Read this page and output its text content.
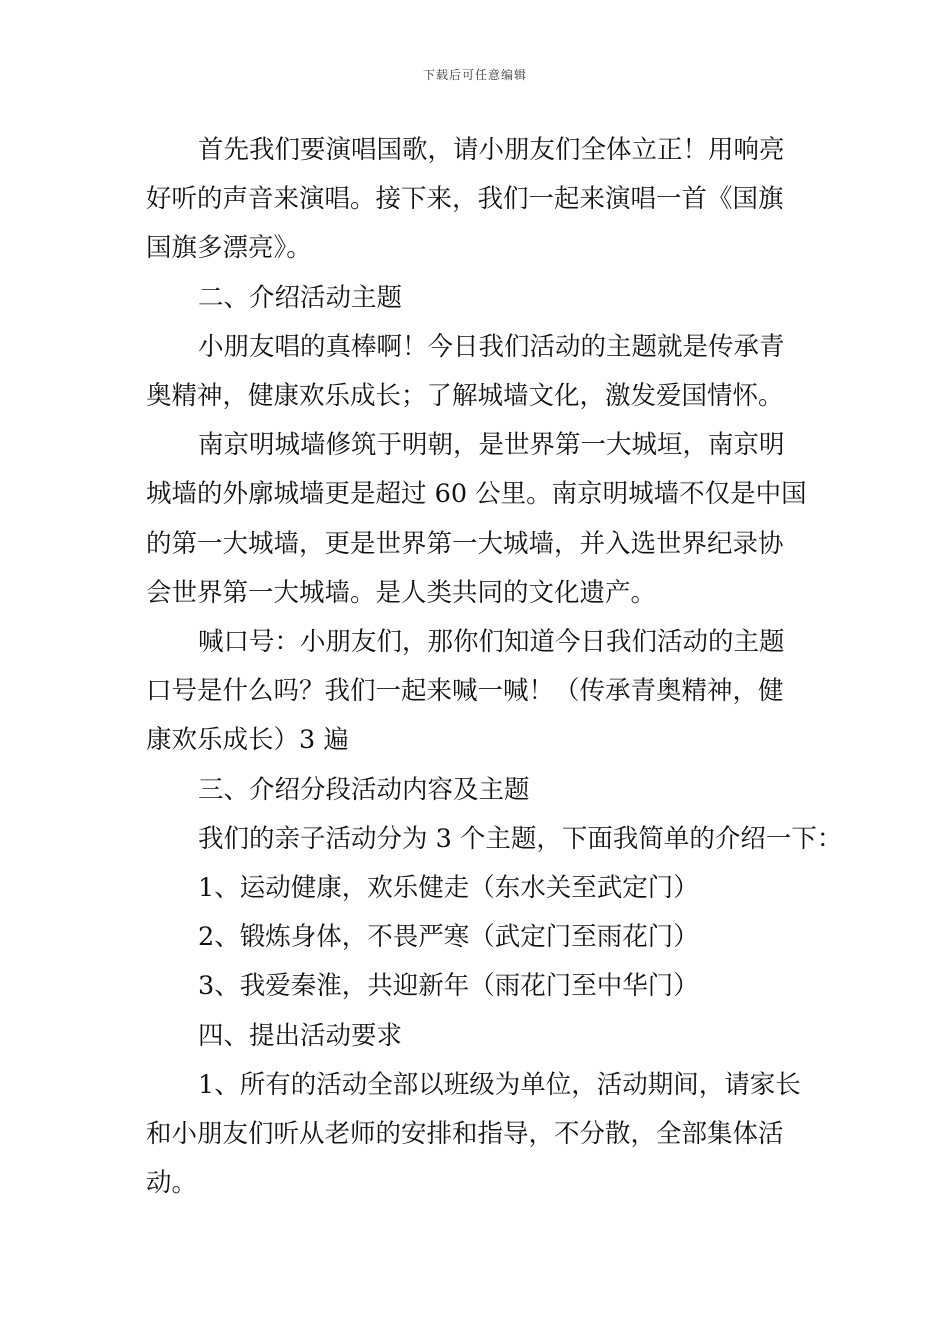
下载后可任意编辑

首先我们要演唱国歌，请小朋友们全体立正！用响亮
好听的声音来演唱。接下来，我们一起来演唱一首《国旗
国旗多漂亮》。

二、介绍活动主题

小朋友唱的真棒啊！今日我们活动的主题就是传承青
奥精神，健康欢乐成长；了解城墙文化，激发爱国情怀。

南京明城墙修筑于明朝，是世界第一大城垣，南京明
城墙的外廓城墙更是超过 60 公里。南京明城墙不仅是中国
的第一大城墙，更是世界第一大城墙，并入选世界纪录协
会世界第一大城墙。是人类共同的文化遗产。

喊口号：小朋友们，那你们知道今日我们活动的主题
口号是什么吗？我们一起来喊一喊！（传承青奥精神，健
康欢乐成长）3 遍

三、介绍分段活动内容及主题

我们的亲子活动分为 3 个主题，下面我简单的介绍一下：

1、运动健康，欢乐健走（东水关至武定门）

2、锻炼身体，不畏严寒（武定门至雨花门）

3、我爱秦淮，共迎新年（雨花门至中华门）

四、提出活动要求

1、所有的活动全部以班级为单位，活动期间，请家长
和小朋友们听从老师的安排和指导，不分散，全部集体活
动。
